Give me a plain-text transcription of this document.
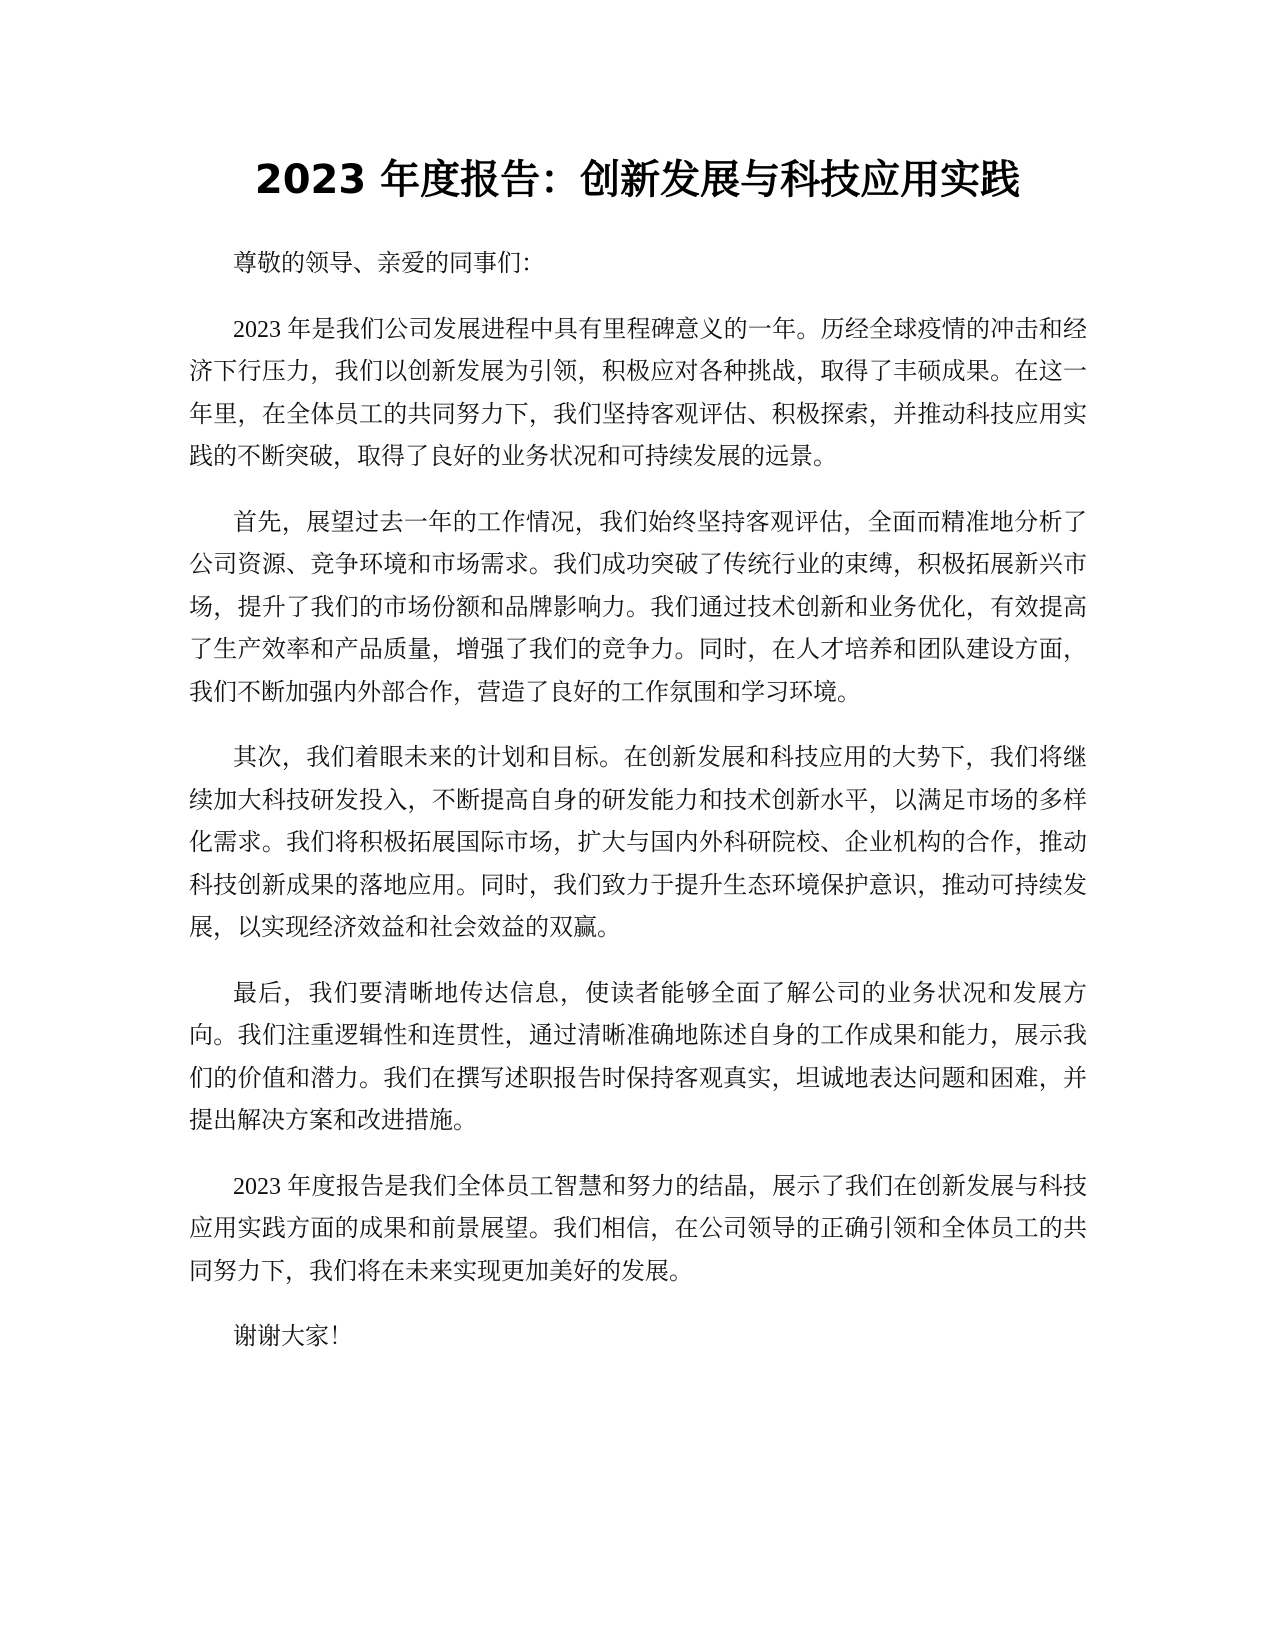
2023 年度报告：创新发展与科技应用实践

尊敬的领导、亲爱的同事们：

2023 年是我们公司发展进程中具有里程碑意义的一年。历经全球疫情的冲击和经济下行压力，我们以创新发展为引领，积极应对各种挑战，取得了丰硕成果。在这一年里，在全体员工的共同努力下，我们坚持客观评估、积极探索，并推动科技应用实践的不断突破，取得了良好的业务状况和可持续发展的远景。

首先，展望过去一年的工作情况，我们始终坚持客观评估，全面而精准地分析了公司资源、竞争环境和市场需求。我们成功突破了传统行业的束缚，积极拓展新兴市场，提升了我们的市场份额和品牌影响力。我们通过技术创新和业务优化，有效提高了生产效率和产品质量，增强了我们的竞争力。同时，在人才培养和团队建设方面，我们不断加强内外部合作，营造了良好的工作氛围和学习环境。

其次，我们着眼未来的计划和目标。在创新发展和科技应用的大势下，我们将继续加大科技研发投入，不断提高自身的研发能力和技术创新水平，以满足市场的多样化需求。我们将积极拓展国际市场，扩大与国内外科研院校、企业机构的合作，推动科技创新成果的落地应用。同时，我们致力于提升生态环境保护意识，推动可持续发展，以实现经济效益和社会效益的双赢。

最后，我们要清晰地传达信息，使读者能够全面了解公司的业务状况和发展方向。我们注重逻辑性和连贯性，通过清晰准确地陈述自身的工作成果和能力，展示我们的价值和潜力。我们在撰写述职报告时保持客观真实，坦诚地表达问题和困难，并提出解决方案和改进措施。

2023 年度报告是我们全体员工智慧和努力的结晶，展示了我们在创新发展与科技应用实践方面的成果和前景展望。我们相信，在公司领导的正确引领和全体员工的共同努力下，我们将在未来实现更加美好的发展。

谢谢大家！
